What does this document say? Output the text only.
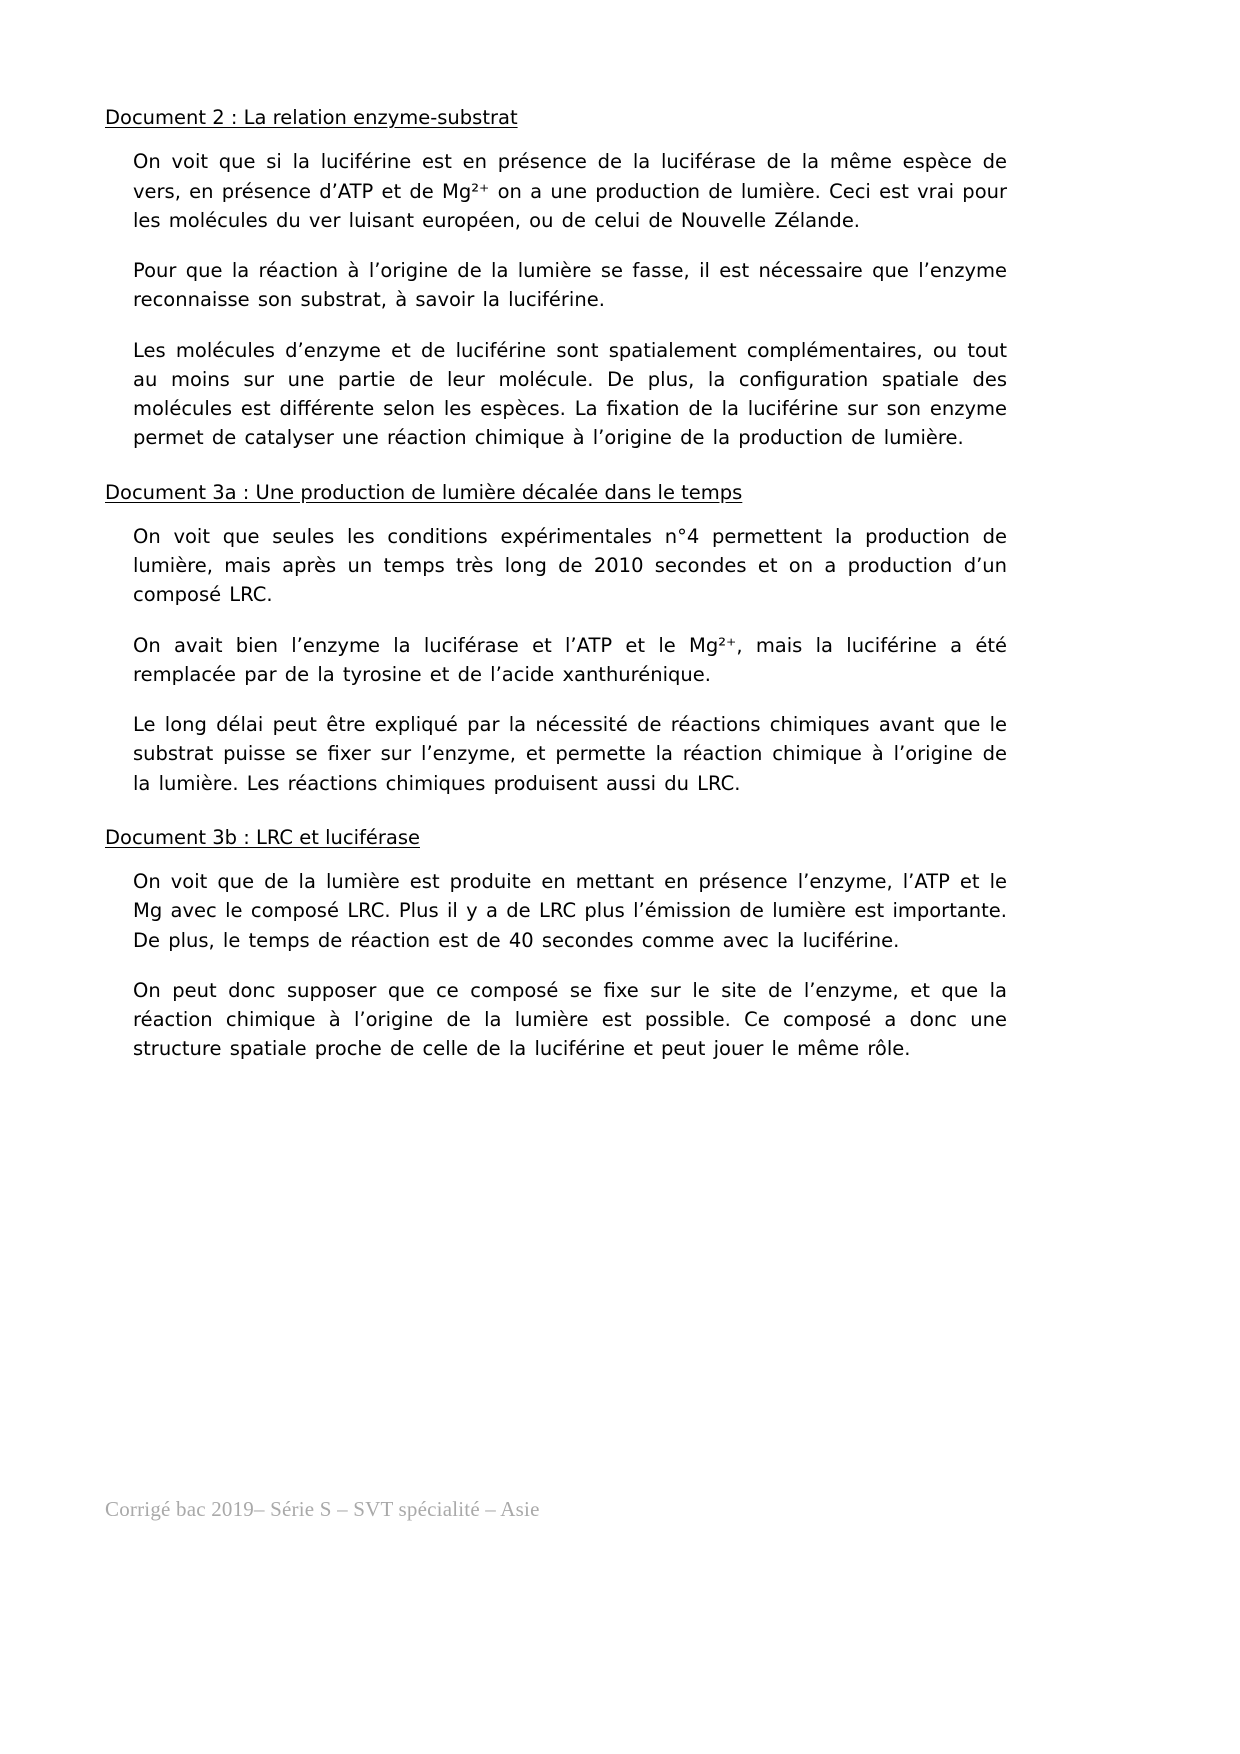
Document 2 : La relation enzyme-substrat

On voit que si la luciférine est en présence de la luciférase de la même espèce de vers, en présence d’ATP et de Mg²⁺ on a une production de lumière. Ceci est vrai pour les molécules du ver luisant européen, ou de celui de Nouvelle Zélande.

Pour que la réaction à l’origine de la lumière se fasse, il est nécessaire que l’enzyme reconnaisse son substrat, à savoir la luciférine.

Les molécules d’enzyme et de luciférine sont spatialement complémentaires, ou tout au moins sur une partie de leur molécule. De plus, la configuration spatiale des molécules est différente selon les espèces. La fixation de la luciférine sur son enzyme permet de catalyser une réaction chimique à l’origine de la production de lumière.

Document 3a : Une production de lumière décalée dans le temps

On voit que seules les conditions expérimentales n°4 permettent la production de lumière, mais après un temps très long de 2010 secondes et on a production d’un composé LRC.

On avait bien l’enzyme la luciférase et l’ATP et le Mg²⁺, mais la luciférine a été remplacée par de la tyrosine et de l’acide xanthurénique.

Le long délai peut être expliqué par la nécessité de réactions chimiques avant que le substrat puisse se fixer sur l’enzyme, et permette la réaction chimique à l’origine de la lumière. Les réactions chimiques produisent aussi du LRC.

Document 3b : LRC et luciférase

On voit que de la lumière est produite en mettant en présence l’enzyme, l’ATP et le Mg avec le composé LRC. Plus il y a de LRC plus l’émission de lumière est importante. De plus, le temps de réaction est de 40 secondes comme avec la luciférine.

On peut donc supposer que ce composé se fixe sur le site de l’enzyme, et que la réaction chimique à l’origine de la lumière est possible. Ce composé a donc une structure spatiale proche de celle de la luciférine et peut jouer le même rôle.

Corrigé bac 2019– Série S – SVT spécialité – Asie
